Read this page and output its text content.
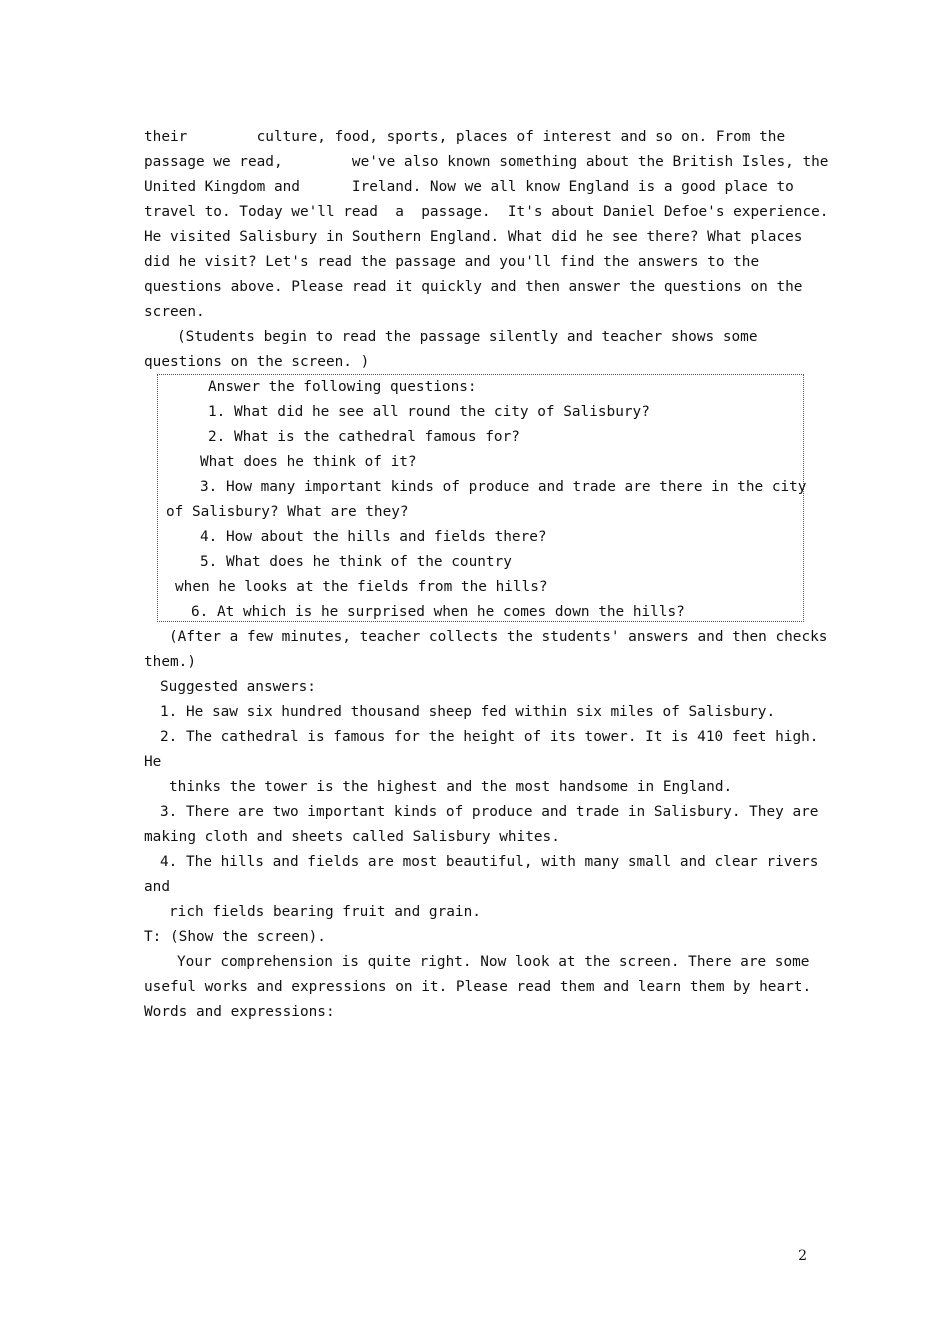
their        culture, food, sports, places of interest and so on. From the
passage we read,        we've also known something about the British Isles, the
United Kingdom and      Ireland. Now we all know England is a good place to
travel to. Today we'll read  a  passage.  It's about Daniel Defoe's experience.
He visited Salisbury in Southern England. What did he see there? What places
did he visit? Let's read the passage and you'll find the answers to the
questions above. Please read it quickly and then answer the questions on the
screen.
(Students begin to read the passage silently and teacher shows some
questions on the screen. )
Answer the following questions:
1. What did he see all round the city of Salisbury?
2. What is the cathedral famous for?
What does he think of it?
3. How many important kinds of produce and trade are there in the city
of Salisbury? What are they?
4. How about the hills and fields there?
5. What does he think of the country
when he looks at the fields from the hills?
6. At which is he surprised when he comes down the hills?
(After a few minutes, teacher collects the students' answers and then checks
them.)
Suggested answers:
1. He saw six hundred thousand sheep fed within six miles of Salisbury.
2. The cathedral is famous for the height of its tower. It is 410 feet high.
He
thinks the tower is the highest and the most handsome in England.
3. There are two important kinds of produce and trade in Salisbury. They are
making cloth and sheets called Salisbury whites.
4. The hills and fields are most beautiful, with many small and clear rivers
and
rich fields bearing fruit and grain.
T: (Show the screen).
Your comprehension is quite right. Now look at the screen. There are some
useful works and expressions on it. Please read them and learn them by heart.
Words and expressions:
2
